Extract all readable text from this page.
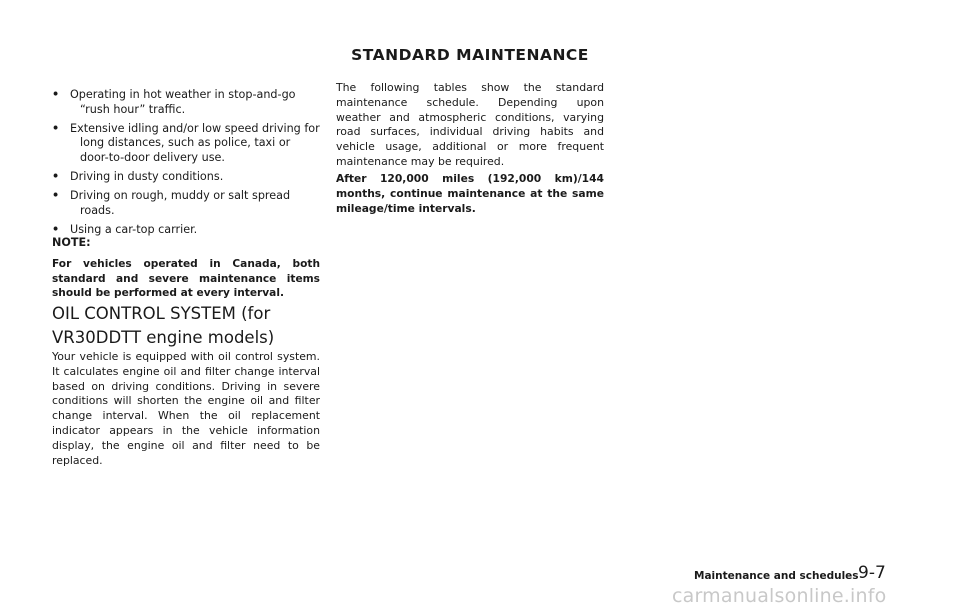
• Operating in hot weather in stop-and-go “rush hour” traffic.
• Extensive idling and/or low speed driving for long distances, such as police, taxi or door-to-door delivery use.
• Driving in dusty conditions.
• Driving on rough, muddy or salt spread roads.
• Using a car-top carrier.
NOTE:
For vehicles operated in Canada, both standard and severe maintenance items should be performed at every interval.
OIL CONTROL SYSTEM (for VR30DDTT engine models)

Your vehicle is equipped with oil control system. It calculates engine oil and filter change interval based on driving conditions. Driving in severe conditions will shorten the engine oil and filter change interval. When the oil replacement indicator appears in the vehicle information display, the engine oil and filter need to be replaced.

STANDARD MAINTENANCE

The following tables show the standard maintenance schedule. Depending upon weather and atmospheric conditions, varying road surfaces, individual driving habits and vehicle usage, additional or more frequent maintenance may be required.

After 120,000 miles (192,000 km)/144 months, continue maintenance at the same mileage/time intervals.

Maintenance and schedules 9-7
carmanualsonline.info
